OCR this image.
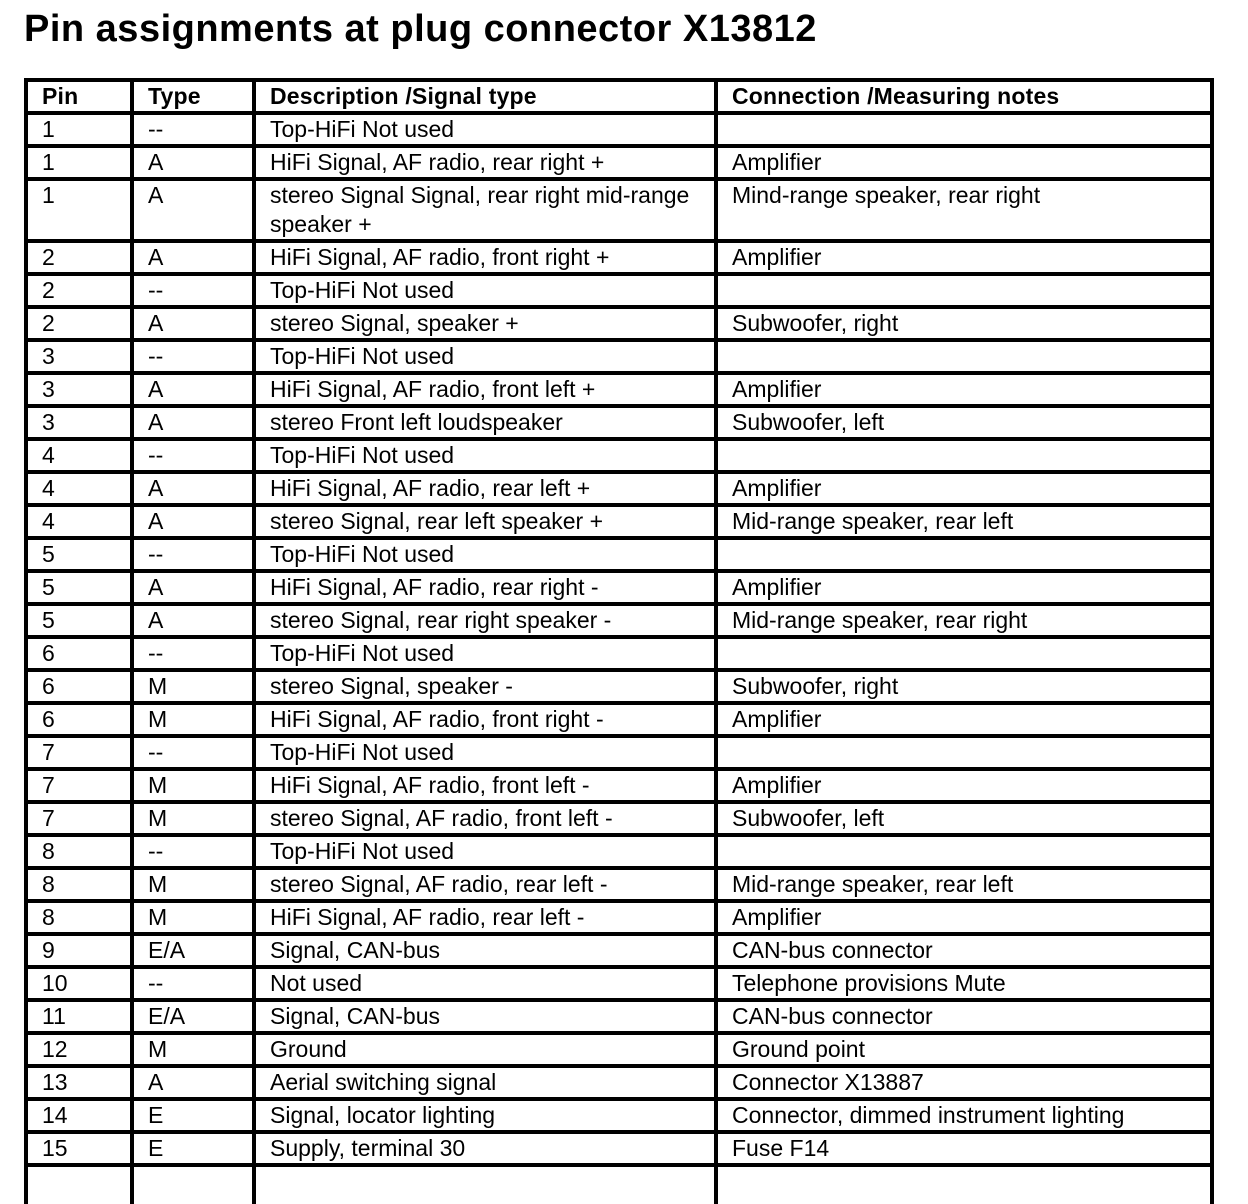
Pin assignments at plug connector X13812
Pin	Type	Description /Signal type	Connection /Measuring notes
1	--	Top-HiFi Not used	
1	A	HiFi Signal, AF radio, rear right +	Amplifier
1	A	stereo Signal Signal, rear right mid-range speaker +	Mind-range speaker, rear right
2	A	HiFi Signal, AF radio, front right +	Amplifier
2	--	Top-HiFi Not used	
2	A	stereo Signal, speaker +	Subwoofer, right
3	--	Top-HiFi Not used	
3	A	HiFi Signal, AF radio, front left +	Amplifier
3	A	stereo Front left loudspeaker	Subwoofer, left
4	--	Top-HiFi Not used	
4	A	HiFi Signal, AF radio, rear left +	Amplifier
4	A	stereo Signal, rear left speaker +	Mid-range speaker, rear left
5	--	Top-HiFi Not used	
5	A	HiFi Signal, AF radio, rear right -	Amplifier
5	A	stereo Signal, rear right speaker -	Mid-range speaker, rear right
6	--	Top-HiFi Not used	
6	M	stereo Signal, speaker -	Subwoofer, right
6	M	HiFi Signal, AF radio, front right -	Amplifier
7	--	Top-HiFi Not used	
7	M	HiFi Signal, AF radio, front left -	Amplifier
7	M	stereo Signal, AF radio, front left -	Subwoofer, left
8	--	Top-HiFi Not used	
8	M	stereo Signal, AF radio, rear left -	Mid-range speaker, rear left
8	M	HiFi Signal, AF radio, rear left -	Amplifier
9	E/A	Signal, CAN-bus	CAN-bus connector
10	--	Not used	Telephone provisions Mute
11	E/A	Signal, CAN-bus	CAN-bus connector
12	M	Ground	Ground point
13	A	Aerial switching signal	Connector X13887
14	E	Signal, locator lighting	Connector, dimmed instrument lighting
15	E	Supply, terminal 30	Fuse F14
